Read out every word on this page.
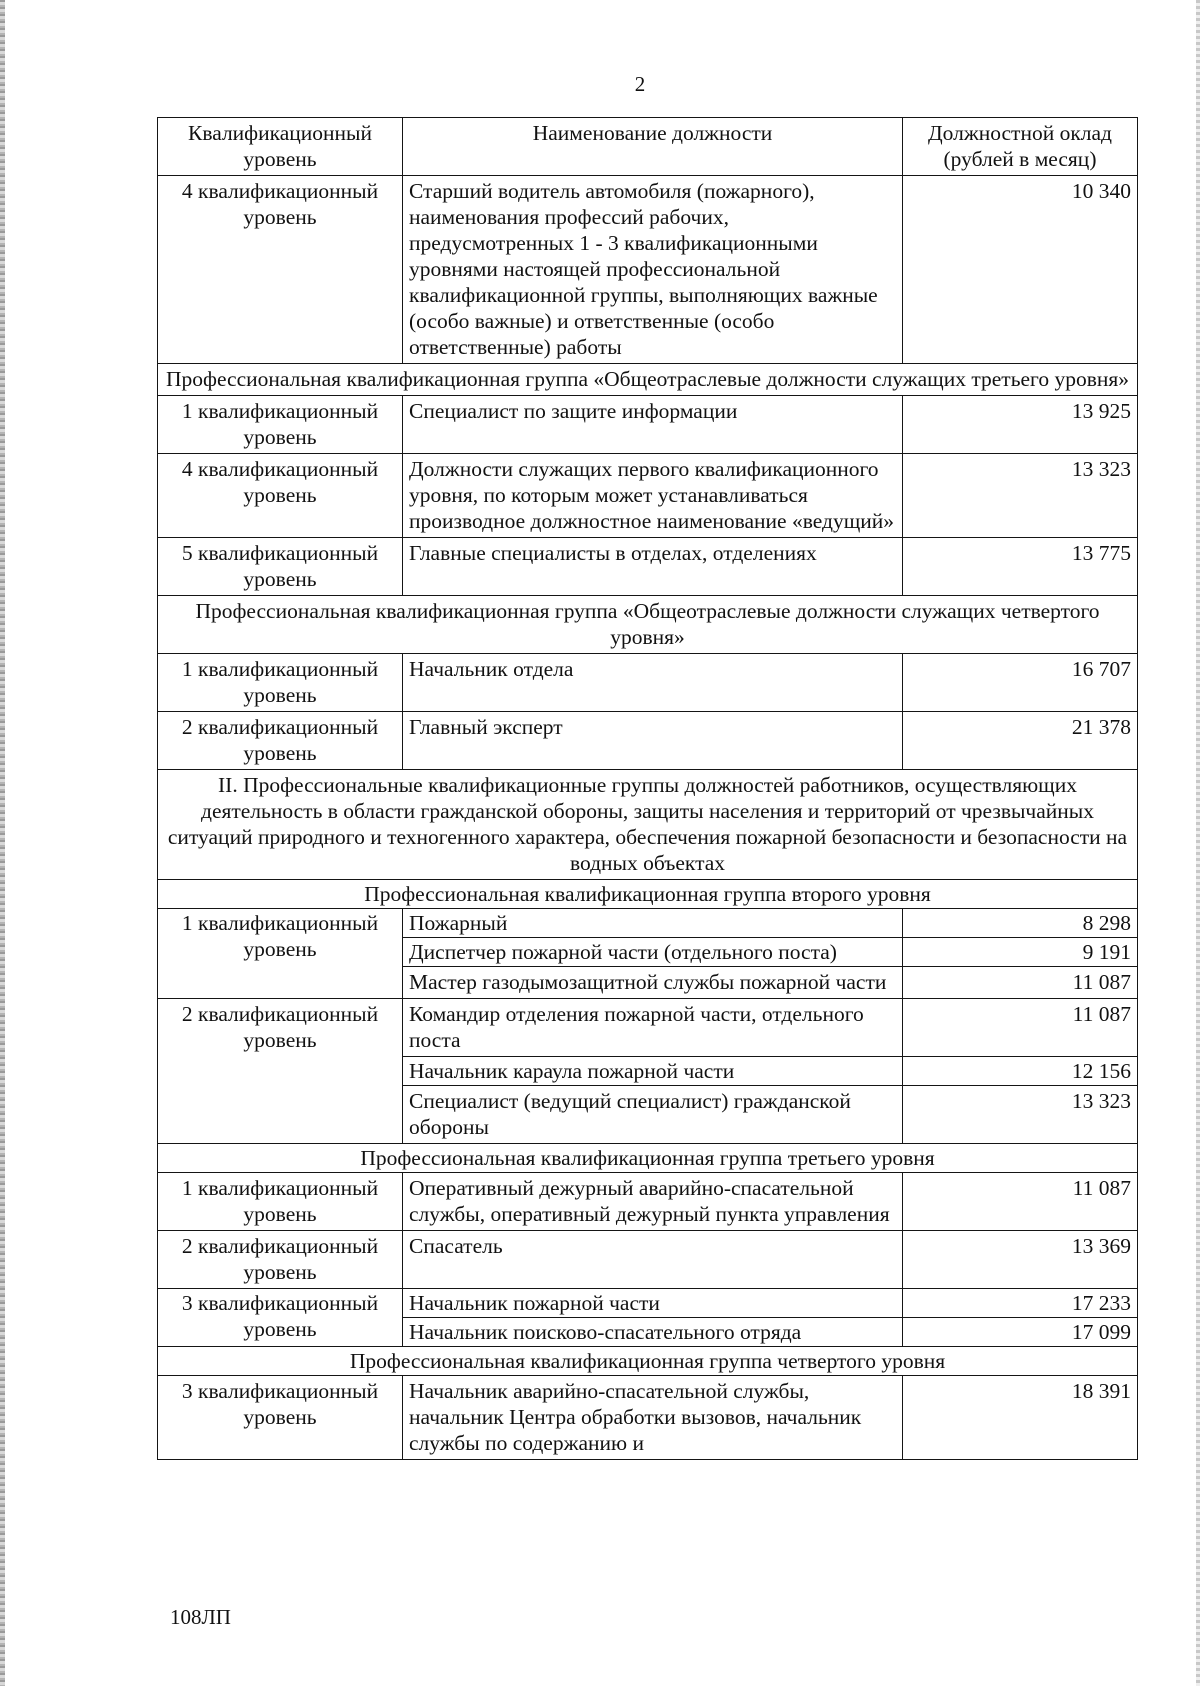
2
Квалификационный уровень	Наименование должности	Должностной оклад (рублей в месяц)
4 квалификационный уровень	Старший водитель автомобиля (пожарного), наименования профессий рабочих, предусмотренных 1 - 3 квалификационными уровнями настоящей профессиональной квалификационной группы, выполняющих важные (особо важные) и ответственные (особо ответственные) работы	10 340
Профессиональная квалификационная группа «Общеотраслевые должности служащих третьего уровня»		
1 квалификационный уровень	Специалист по защите информации	13 925
4 квалификационный уровень	Должности служащих первого квалификационного уровня, по которым может устанавливаться производное должностное наименование «ведущий»	13 323
5 квалификационный уровень	Главные специалисты в отделах, отделениях	13 775
Профессиональная квалификационная группа «Общеотраслевые должности служащих четвертого уровня»		
1 квалификационный уровень	Начальник отдела	16 707
2 квалификационный уровень	Главный эксперт	21 378
II. Профессиональные квалификационные группы должностей работников, осуществляющих деятельность в области гражданской обороны, защиты населения и территорий от чрезвычайных ситуаций природного и техногенного характера, обеспечения пожарной безопасности и безопасности на водных объектах		
Профессиональная квалификационная группа второго уровня		
1 квалификационный уровень	Пожарный	8 298
	Диспетчер пожарной части (отдельного поста)	9 191
	Мастер газодымозащитной службы пожарной части	11 087
2 квалификационный уровень	Командир отделения пожарной части, отдельного поста	11 087
	Начальник караула пожарной части	12 156
	Специалист (ведущий специалист) гражданской обороны	13 323
Профессиональная квалификационная группа третьего уровня		
1 квалификационный уровень	Оперативный дежурный аварийно-спасательной службы, оперативный дежурный пункта управления	11 087
2 квалификационный уровень	Спасатель	13 369
3 квалификационный уровень	Начальник пожарной части	17 233
	Начальник поисково-спасательного отряда	17 099
Профессиональная квалификационная группа четвертого уровня		
3 квалификационный уровень	Начальник аварийно-спасательной службы, начальник Центра обработки вызовов, начальник службы по содержанию и	18 391
108ЛП
